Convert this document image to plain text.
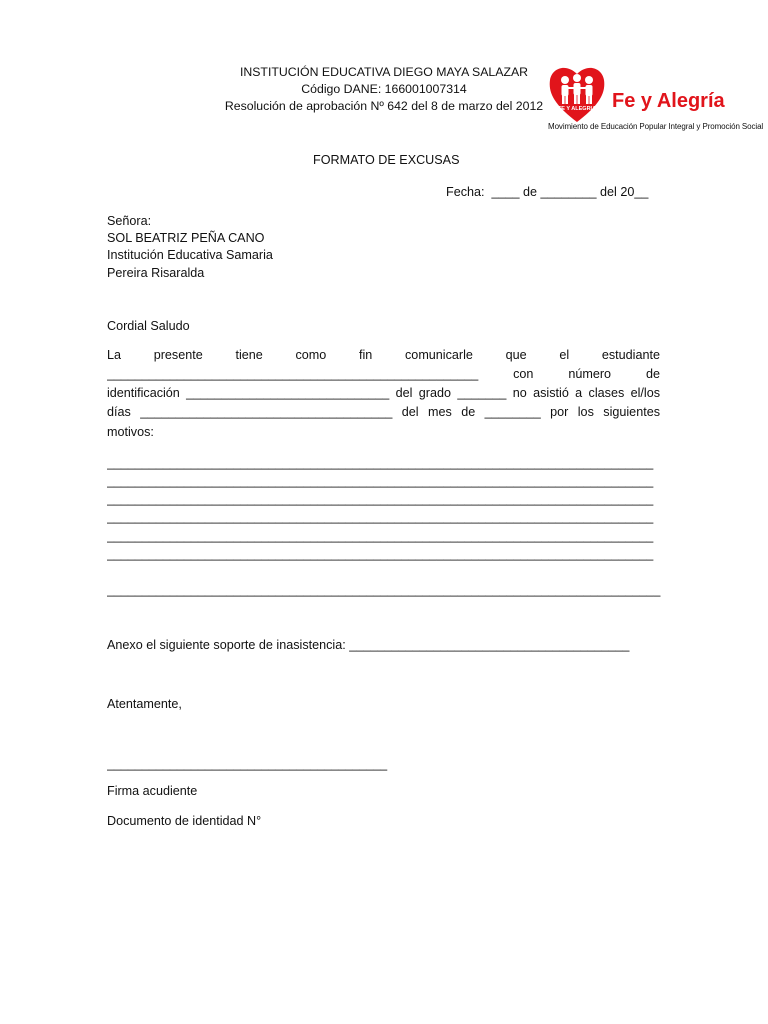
INSTITUCIÓN EDUCATIVA DIEGO MAYA SALAZAR
Código DANE: 166001007314
Resolución de aprobación Nº 642 del 8 de marzo del 2012	FE Y ALEGRIA Fe y Alegría
Movimiento de Educación Popular Integral y Promoción Social
FORMATO DE EXCUSAS
Fecha:  ____ de ________ del 20__
Señora:
SOL BEATRIZ PEÑA CANO
Institución Educativa Samaria
Pereira Risaralda
Cordial Saludo
La presente tiene como fin comunicarle que el estudiante
_____________________________________________________ con número de
identificación _____________________________ del grado _______ no asistió a clases el/los
días ____________________________________ del mes de ________ por los siguientes
motivos:
______________________________________________________________________________
______________________________________________________________________________
______________________________________________________________________________
______________________________________________________________________________
______________________________________________________________________________
______________________________________________________________________________
_______________________________________________________________________________
Anexo el siguiente soporte de inasistencia: ________________________________________
Atentamente,
________________________________________
Firma acudiente
Documento de identidad N°
